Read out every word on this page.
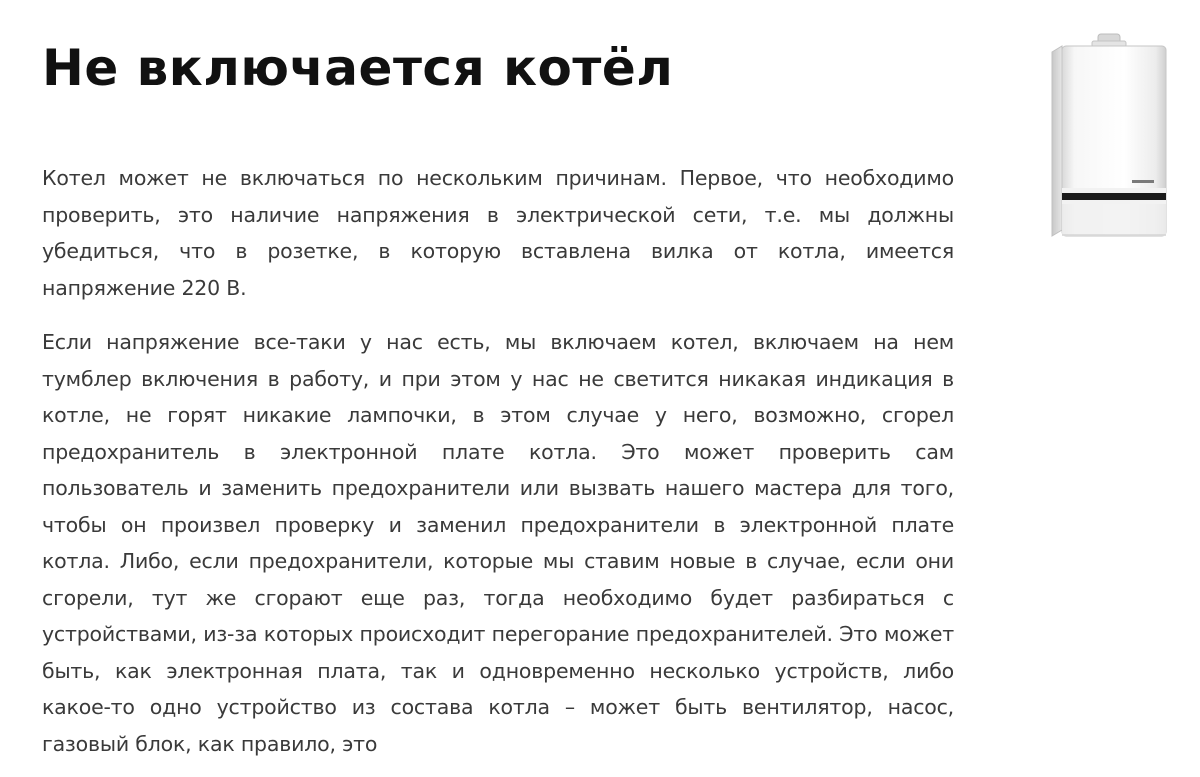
Не включается котёл

Котел может не включаться по нескольким причинам. Первое, что необходимо проверить, это наличие напряжения в электрической сети, т.е. мы должны убедиться, что в розетке, в которую вставлена вилка от котла, имеется напряжение 220 В.

Если напряжение все-таки у нас есть, мы включаем котел, включаем на нем тумблер включения в работу, и при этом у нас не светится никакая индикация в котле, не горят никакие лампочки, в этом случае у него, возможно, сгорел предохранитель в электронной плате котла. Это может проверить сам пользователь и заменить предохранители или вызвать нашего мастера для того, чтобы он произвел проверку и заменил предохранители в электронной плате котла. Либо, если предохранители, которые мы ставим новые в случае, если они сгорели, тут же сгорают еще раз, тогда необходимо будет разбираться с устройствами, из-за которых происходит перегорание предохранителей. Это может быть, как электронная плата, так и одновременно несколько устройств, либо какое-то одно устройство из состава котла – может быть вентилятор, насос, газовый блок, как правило, это
